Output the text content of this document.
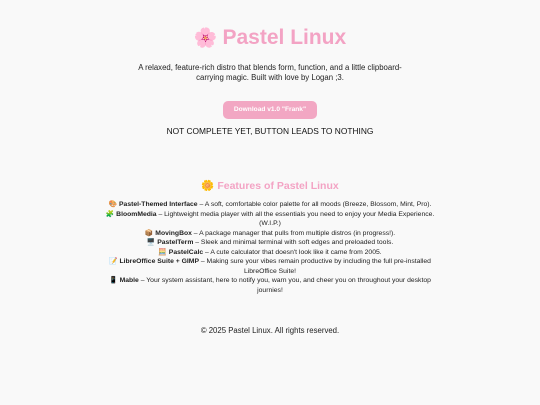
🌸 Pastel Linux

A relaxed, feature-rich distro that blends form, function, and a little clipboard-carrying magic. Built with love by Logan ;3.

Download v1.0 "Frank"

NOT COMPLETE YET, BUTTON LEADS TO NOTHING

🌼 Features of Pastel Linux
🎨 Pastel-Themed Interface – A soft, comfortable color palette for all moods (Breeze, Blossom, Mint, Pro).
🧩 BloomMedia – Lightweight media player with all the essentials you need to enjoy your Media Experience. (W.I.P.)
📦 MovingBox – A package manager that pulls from multiple distros (in progress!).
🖥️ PastelTerm – Sleek and minimal terminal with soft edges and preloaded tools.
🧮 PastelCalc – A cute calculator that doesn't look like it came from 2005.
📝 LibreOffice Suite + GIMP – Making sure your vibes remain productive by including the full pre-installed LibreOffice Suite!
📱 Mable – Your system assistant, here to notify you, warn you, and cheer you on throughout your desktop journies!

© 2025 Pastel Linux. All rights reserved.
